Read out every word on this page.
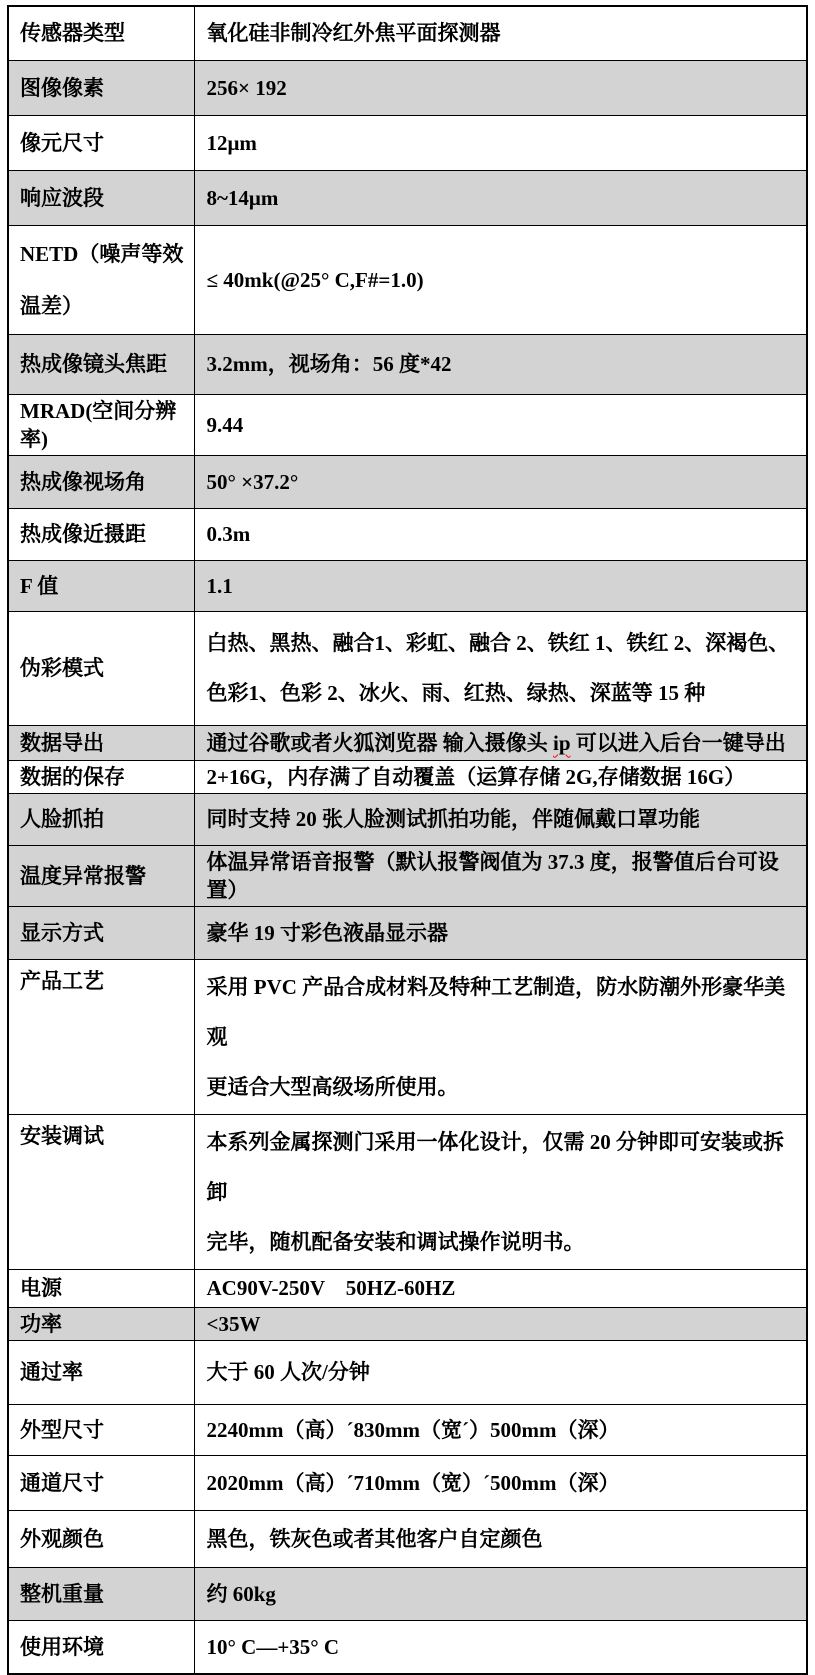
传感器类型	氧化硅非制冷红外焦平面探测器
图像像素	256× 192
像元尺寸	12μm
响应波段	8~14μm
NETD（噪声等效温差）	≤ 40mk(@25° C,F#=1.0)
热成像镜头焦距	3.2mm，视场角：56 度*42
MRAD(空间分辨率)	9.44
热成像视场角	50° ×37.2°
热成像近摄距	0.3m
F 值	1.1
伪彩模式	白热、黑热、融合1、彩虹、融合 2、铁红 1、铁红 2、深褐色、
色彩1、色彩 2、冰火、雨、红热、绿热、深蓝等 15 种

数据导出	通过谷歌或者火狐浏览器 输入摄像头 ip 可以进入后台一键导出
数据的保存	2+16G，内存满了自动覆盖（运算存储 2G,存储数据 16G）
人脸抓拍	同时支持 20 张人脸测试抓拍功能，伴随佩戴口罩功能
温度异常报警	体温异常语音报警（默认报警阀值为 37.3 度，报警值后台可设置）
显示方式	豪华 19 寸彩色液晶显示器
产品工艺	采用 PVC 产品合成材料及特种工艺制造，防水防潮外形豪华美观
更适合大型高级场所使用。

安装调试	本系列金属探测门采用一体化设计，仅需 20 分钟即可安装或拆卸
完毕，随机配备安装和调试操作说明书。

电源	AC90V-250V    50HZ-60HZ
功率	<35W
通过率	大于 60 人次/分钟
外型尺寸	2240mm（高）´830mm（宽´）500mm（深）
通道尺寸	2020mm（高）´710mm（宽）´500mm（深）
外观颜色	黑色，铁灰色或者其他客户自定颜色
整机重量	约 60kg
使用环境	10° C—+35° C
